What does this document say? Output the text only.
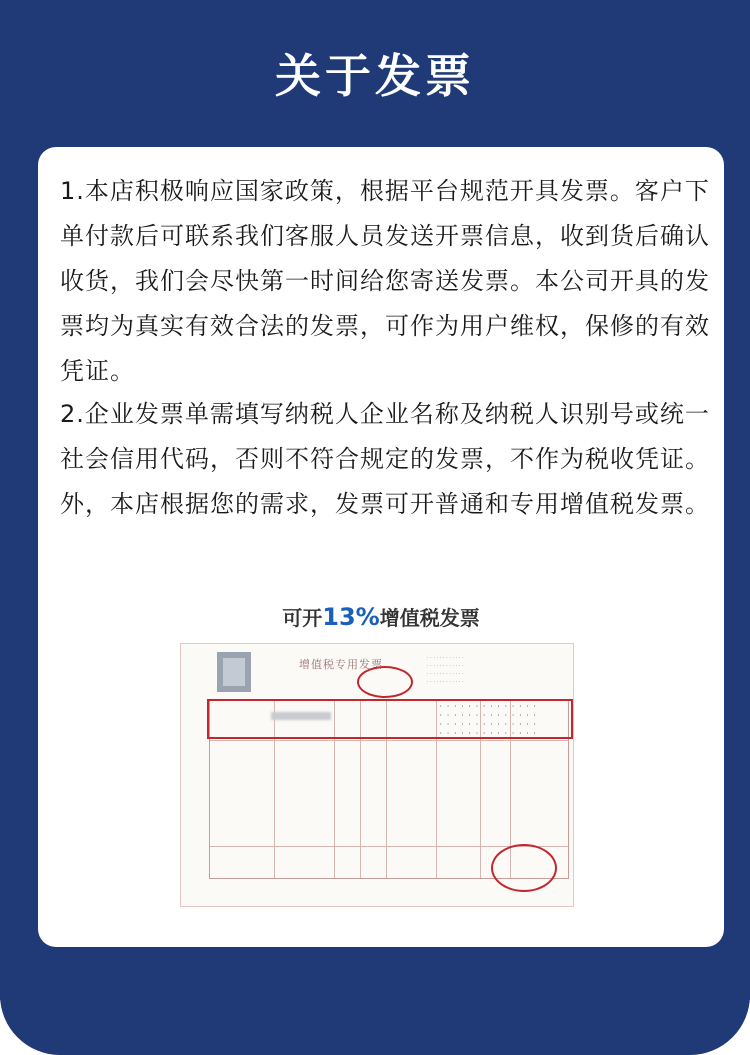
关于发票

1.本店积极响应国家政策，根据平台规范开具发票。客户下单付款后可联系我们客服人员发送开票信息，收到货后确认收货，我们会尽快第一时间给您寄送发票。本公司开具的发票均为真实有效合法的发票，可作为用户维权，保修的有效凭证。

2.企业发票单需填写纳税人企业名称及纳税人识别号或统一社会信用代码，否则不符合规定的发票，不作为税收凭证。外，本店根据您的需求，发票可开普通和专用增值税发票。

可开13%增值税发票
增值税专用发票	· · · · · · · · · · · ·
· · · · · · · · · · · ·
· · · · · · · · · · · ·
· · · · · · · · · · · ·
· · · · · · · · · · · · · ·
· · · · · · · · · · · · · ·
· · · · · · · · · · · · · ·
· · · · · · · · · · · · · ·
